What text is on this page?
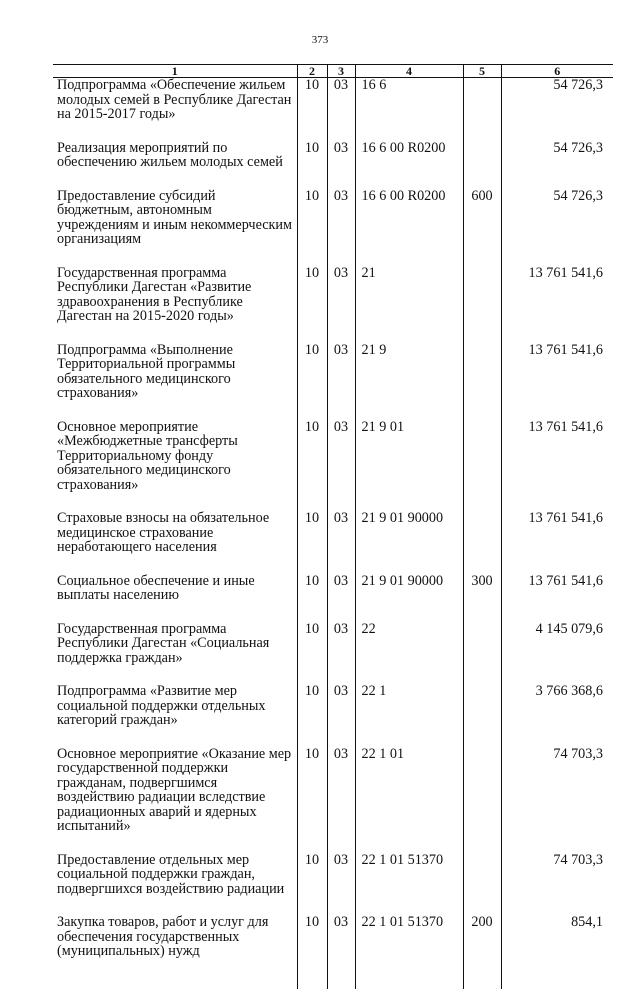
373
1	2	3	4	5	6
Подпрограмма «Обеспечение жильем молодых семей в Республике Дагестан на 2015-2017 годы»	10	03	16 6		54 726,3
Реализация мероприятий по обеспечению жильем молодых семей	10	03	16 6 00 R0200		54 726,3
Предоставление субсидий бюджетным, автономным учреждениям и иным некоммерческим организациям	10	03	16 6 00 R0200	600	54 726,3
Государственная программа Республики Дагестан «Развитие здравоохранения в Республике Дагестан на 2015-2020 годы»	10	03	21		13 761 541,6
Подпрограмма «Выполнение Территориальной программы обязательного медицинского страхования»	10	03	21 9		13 761 541,6
Основное мероприятие «Межбюджетные трансферты Территориальному фонду обязательного медицинского страхования»	10	03	21 9 01		13 761 541,6
Страховые взносы на обязательное медицинское страхование неработающего населения	10	03	21 9 01 90000		13 761 541,6
Социальное обеспечение и иные выплаты населению	10	03	21 9 01 90000	300	13 761 541,6
Государственная программа Республики Дагестан «Социальная поддержка граждан»	10	03	22		4 145 079,6
Подпрограмма «Развитие мер социальной поддержки отдельных категорий граждан»	10	03	22 1		3 766 368,6
Основное мероприятие «Оказание мер государственной поддержки гражданам, подвергшимся воздействию радиации вследствие радиационных аварий и ядерных испытаний»	10	03	22 1 01		74 703,3
Предоставление отдельных мер социальной поддержки граждан, подвергшихся воздействию радиации	10	03	22 1 01 51370		74 703,3
Закупка товаров, работ и услуг для обеспечения государственных (муниципальных) нужд	10	03	22 1 01 51370	200	854,1
